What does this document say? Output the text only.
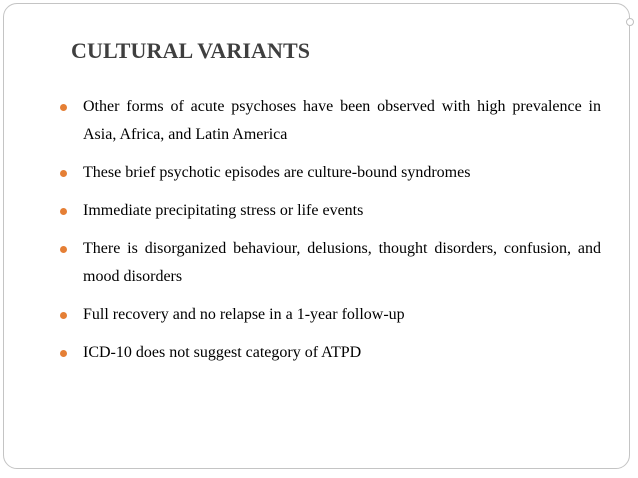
CULTURAL VARIANTS
Other forms of acute psychoses have been observed with high prevalence in Asia, Africa, and Latin America
These brief psychotic episodes are culture-bound syndromes
Immediate precipitating stress or life events
There is disorganized behaviour, delusions, thought disorders, confusion, and mood disorders
Full recovery and no relapse in a 1-year follow-up
ICD-10 does not suggest category of ATPD
